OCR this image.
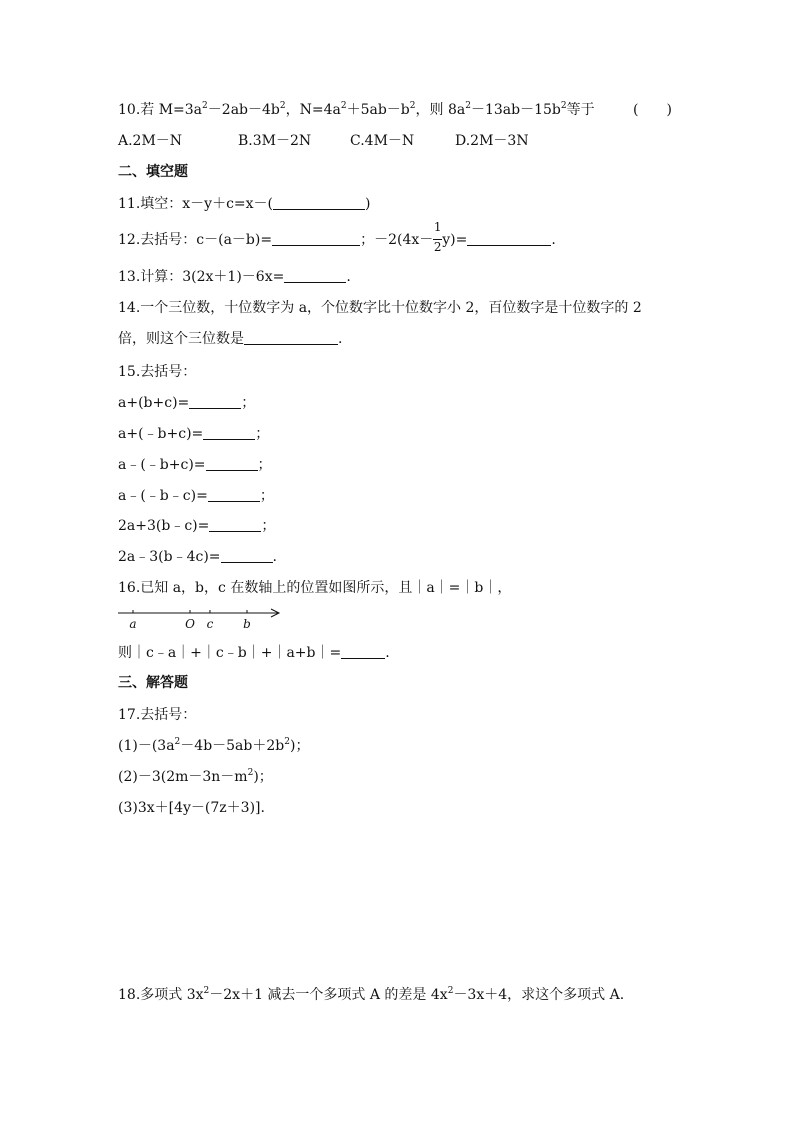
10.若 $M=3a^2-2ab-4b^2$，$N=4a^2+5ab-b^2$，则 $8a^2-13ab-15b^2$等于	(　　)
A.2M－N	B.3M－2N	C.4M－N	D.2M－3N
二、填空题
11.填空：x－y＋c=x－(	)
12.去括号：c－(a－b)=	；$-2(4x- \frac{1}{2} y)=$	.
13.计算：3(2x＋1)－6x=	.
14.一个三位数，十位数字为 a，个位数字比十位数字小 2，百位数字是十位数字的 2
倍，则这个三位数是	.
15.去括号：
a+(b+c)=	；
a+(﹣b+c)=	；
a﹣(﹣b+c)=	；
a﹣(﹣b﹣c)=	；
2a+3(b﹣c)=	；
2a﹣3(b﹣4c)=	.
16.已知 a，b，c 在数轴上的位置如图所示，且｜a｜=｜b｜，
a	O c b
则｜c﹣a｜+｜c﹣b｜+｜a+b｜=	.
三、解答题
17.去括号：
$(1)-(3a^2-4b-5ab+2b^2)$；
$(2)-3(2m-3n-m^2)$；
(3)3x＋[4y－(7z＋3)].
18.多项式 $3x^2-2x+1$ 减去一个多项式 A 的差是 $4x^2-3x+4$，求这个多项式 A.
